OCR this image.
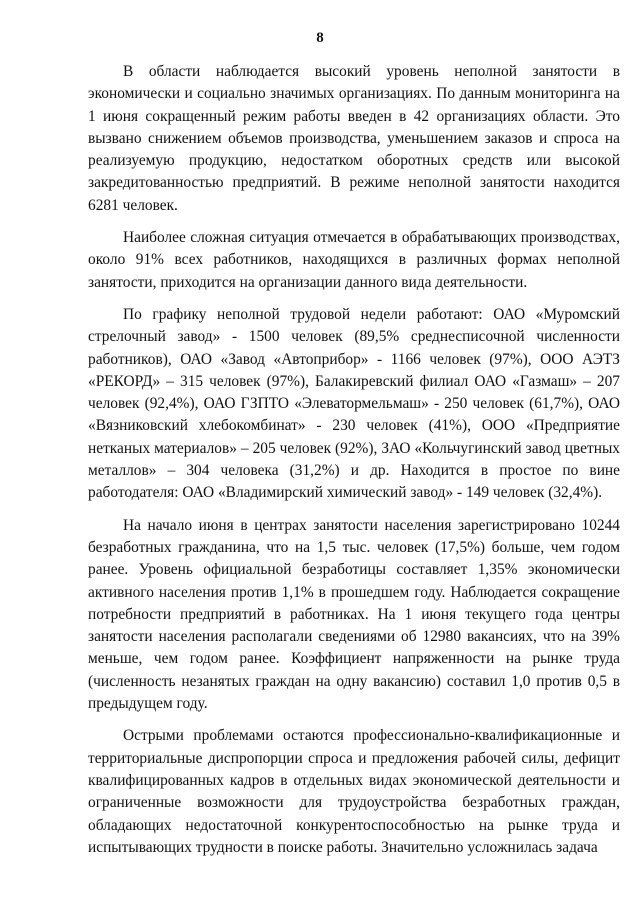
8

В области наблюдается высокий уровень неполной занятости в экономически и социально значимых организациях. По данным мониторинга на 1 июня сокращенный режим работы введен в 42 организациях области. Это вызвано снижением объемов производства, уменьшением заказов и спроса на реализуемую продукцию, недостатком оборотных средств или высокой закредитованностью предприятий. В режиме неполной занятости находится 6281 человек.

Наиболее сложная ситуация отмечается в обрабатывающих производствах, около 91% всех работников, находящихся в различных формах неполной занятости, приходится на организации данного вида деятельности.

По графику неполной трудовой недели работают: ОАО «Муромский стрелочный завод» - 1500 человек (89,5% среднесписочной численности работников), ОАО «Завод «Автоприбор» - 1166 человек (97%), ООО АЭТЗ «РЕКОРД» – 315 человек (97%), Балакиревский филиал ОАО «Газмаш» – 207 человек (92,4%), ОАО ГЗПТО «Элеватормельмаш» - 250 человек (61,7%), ОАО «Вязниковский хлебокомбинат» - 230 человек (41%), ООО «Предприятие нетканых материалов» – 205 человек (92%), ЗАО «Кольчугинский завод цветных металлов» – 304 человека (31,2%) и др. Находится в простое по вине работодателя: ОАО «Владимирский химический завод» - 149 человек (32,4%).

На начало июня в центрах занятости населения зарегистрировано 10244 безработных гражданина, что на 1,5 тыс. человек (17,5%) больше, чем годом ранее. Уровень официальной безработицы составляет 1,35% экономически активного населения против 1,1% в прошедшем году. Наблюдается сокращение потребности предприятий в работниках. На 1 июня текущего года центры занятости населения располагали сведениями об 12980 вакансиях, что на 39% меньше, чем годом ранее. Коэффициент напряженности на рынке труда (численность незанятых граждан на одну вакансию) составил 1,0 против 0,5 в предыдущем году.

Острыми проблемами остаются профессионально-квалификационные и территориальные диспропорции спроса и предложения рабочей силы, дефицит квалифицированных кадров в отдельных видах экономической деятельности и ограниченные возможности для трудоустройства безработных граждан, обладающих недостаточной конкурентоспособностью на рынке труда и испытывающих трудности в поиске работы. Значительно усложнилась задача
